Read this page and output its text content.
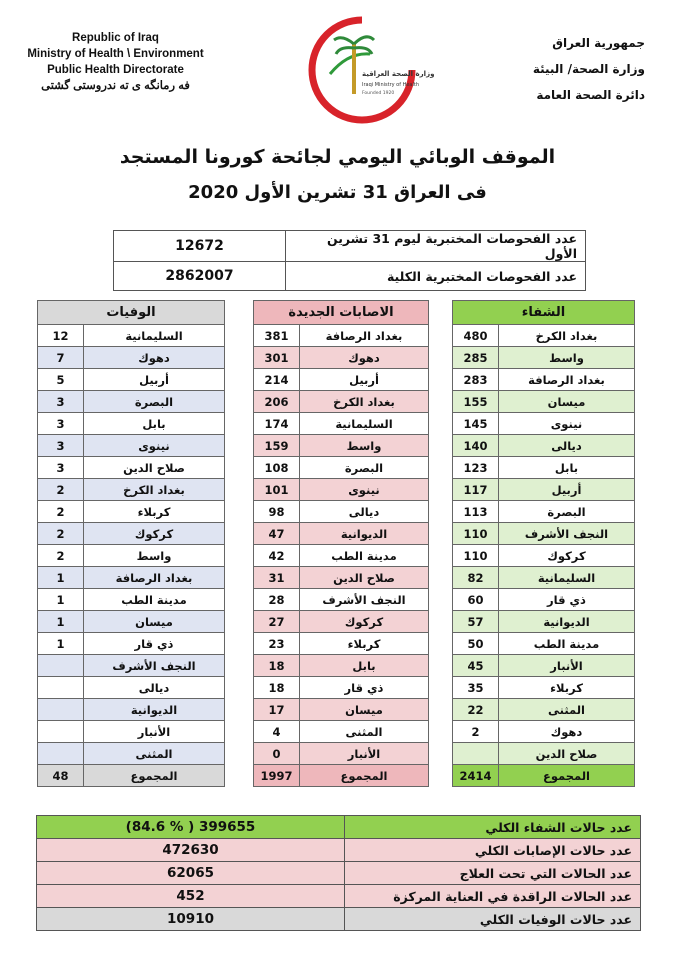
Republic of Iraq
Ministry of Health \ Environment
Public Health Directorate
فه رمانگه ى ته ندروستى گشتى
وزارة الصحة العراقية
Iraqi Ministry of Health
Founded 1920
جمهورية العراق
وزارة الصحة/ البيئة
دائرة الصحة العامة
الموقف الوبائي اليومي لجائحة كورونا المستجد
فى العراق 31 تشرين الأول 2020
12672	عدد الفحوصات المختبرية ليوم 31 تشرين الأول
2862007	عدد الفحوصات المختبرية الكلية
الوفيات	
12	السليمانية
7	دهوك
5	أربيل
3	البصرة
3	بابل
3	نينوى
3	صلاح الدين
2	بغداد الكرخ
2	كربلاء
2	كركوك
2	واسط
1	بغداد الرصافة
1	مدينة الطب
1	ميسان
1	ذي قار
	النجف الأشرف
	ديالى
	الديوانية
	الأنبار
	المثنى
48	المجموع
الاصابات الجديدة	
381	بغداد الرصافة
301	دهوك
214	أربيل
206	بغداد الكرخ
174	السليمانية
159	واسط
108	البصرة
101	نينوى
98	ديالى
47	الديوانية
42	مدينة الطب
31	صلاح الدين
28	النجف الأشرف
27	كركوك
23	كربلاء
18	بابل
18	ذي قار
17	ميسان
4	المثنى
0	الأنبار
1997	المجموع
الشفاء	
480	بغداد الكرخ
285	واسط
283	بغداد الرصافة
155	ميسان
145	نينوى
140	ديالى
123	بابل
117	أربيل
113	البصرة
110	النجف الأشرف
110	كركوك
82	السليمانية
60	ذي قار
57	الديوانية
50	مدينة الطب
45	الأنبار
35	كربلاء
22	المثنى
2	دهوك
	صلاح الدين
2414	المجموع
(84.6 % ) 399655	عدد حالات الشفاء الكلي
472630	عدد حالات الإصابات الكلي
62065	عدد الحالات التي تحت العلاج
452	عدد الحالات الراقدة في العناية المركزة
10910	عدد حالات الوفيات الكلي
